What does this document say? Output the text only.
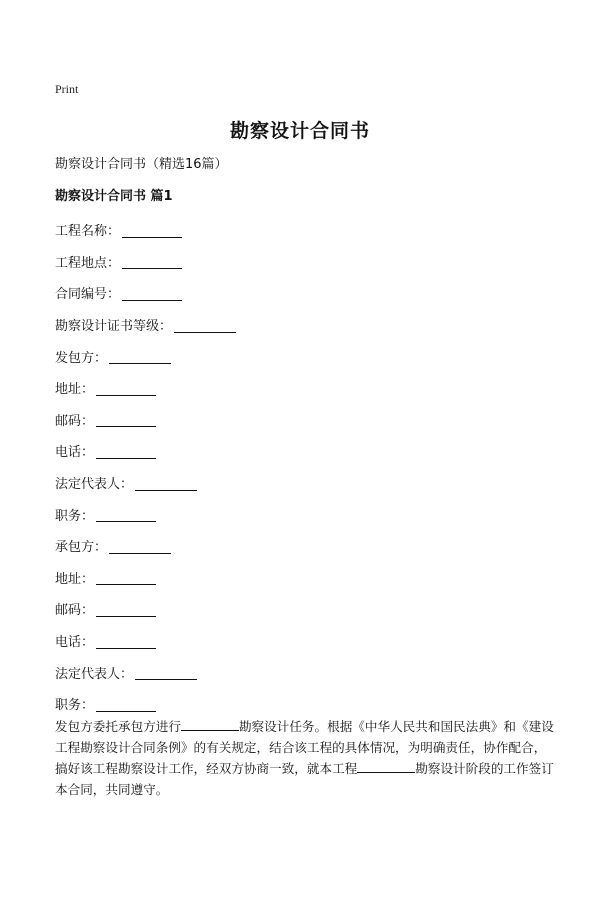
Print
勘察设计合同书
勘察设计合同书（精选16篇）
勘察设计合同书 篇1
工程名称：
工程地点：
合同编号：
勘察设计证书等级：
发包方：
地址：
邮码：
电话：
法定代表人：
职务：
承包方：
地址：
邮码：
电话：
法定代表人：
职务：
发包方委托承包方进行	勘察设计任务。根据《中华人民共和国民法典》和《建设工程勘察设计合同条例》的有关规定，结合该工程的具体情况，为明确责任，协作配合，搞好该工程勘察设计工作，经双方协商一致，就本工程	勘察设计阶段的工作签订本合同，共同遵守。
